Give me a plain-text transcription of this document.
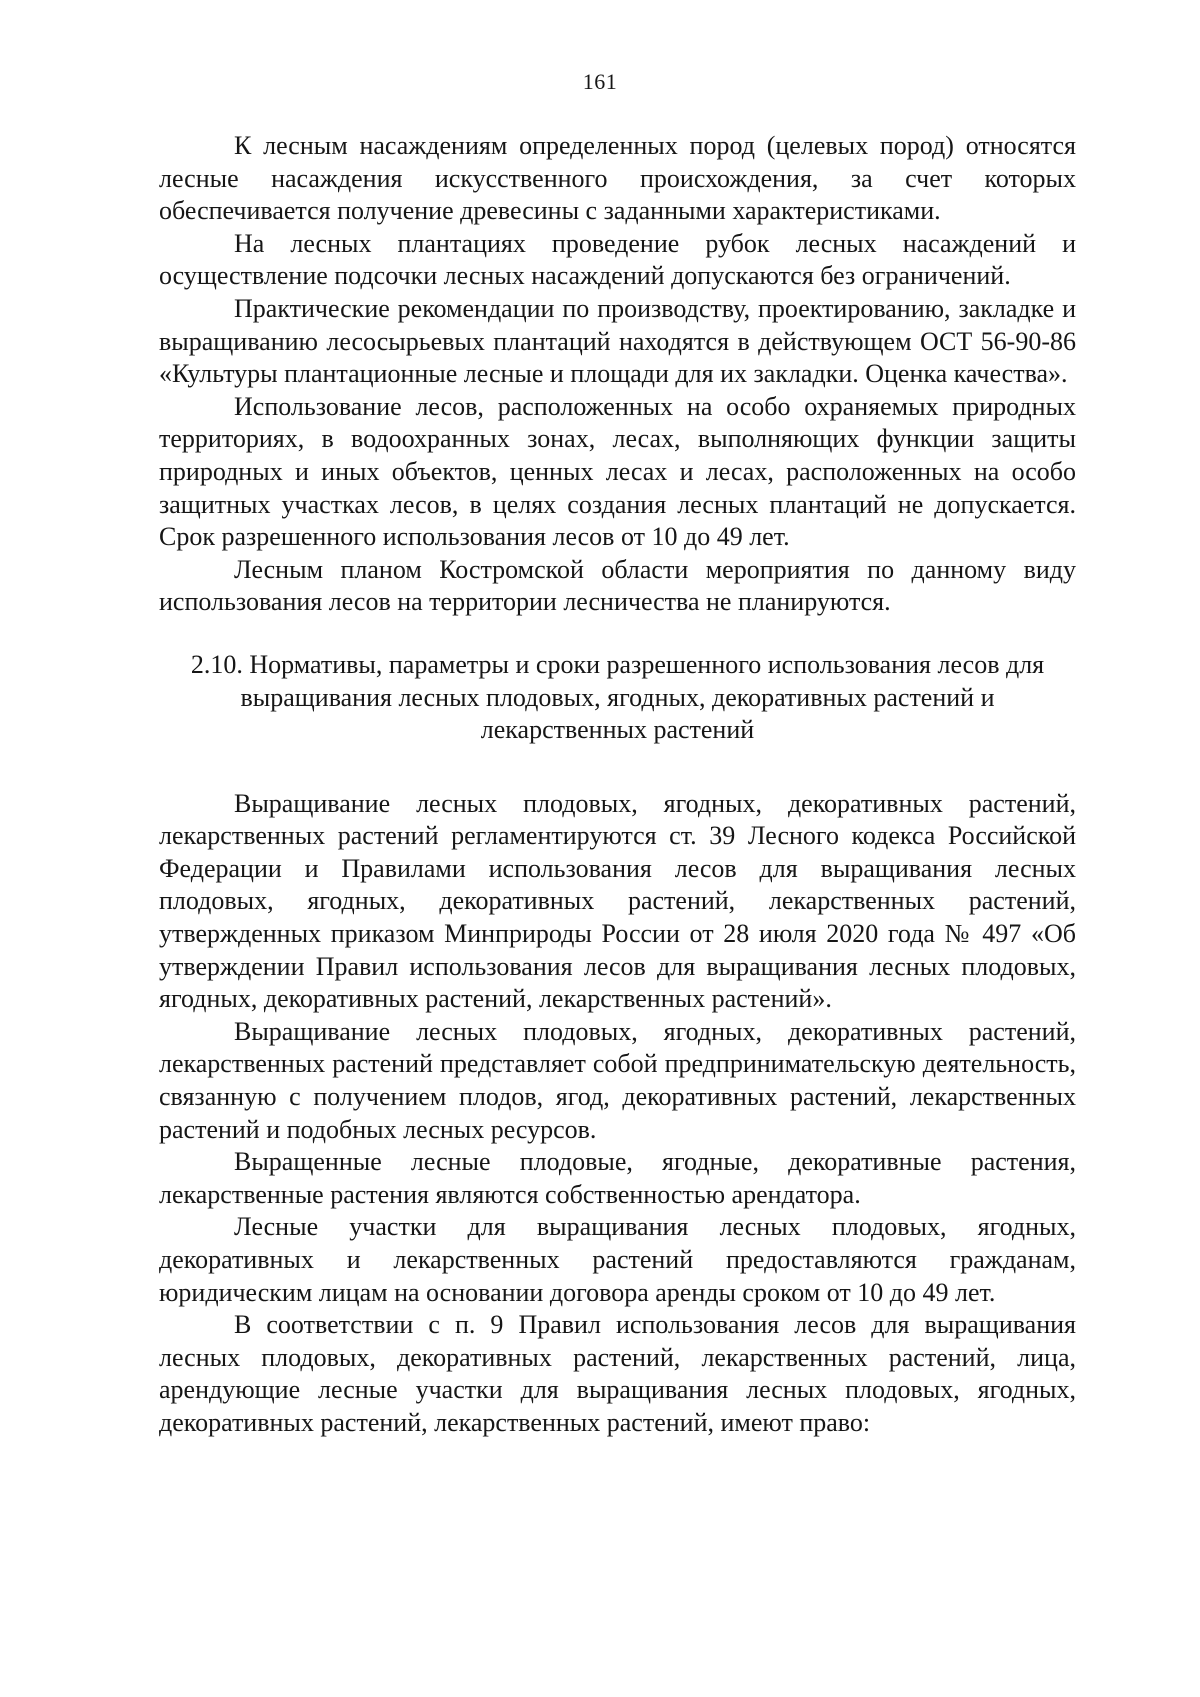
161

К лесным насаждениям определенных пород (целевых пород) относятся лесные насаждения искусственного происхождения, за счет которых обеспечивается получение древесины с заданными характеристиками.

На лесных плантациях проведение рубок лесных насаждений и осуществление подсочки лесных насаждений допускаются без ограничений.

Практические рекомендации по производству, проектированию, закладке и выращиванию лесосырьевых плантаций находятся в действующем ОСТ 56-90-86 «Культуры плантационные лесные и площади для их закладки. Оценка качества».

Использование лесов, расположенных на особо охраняемых природных территориях, в водоохранных зонах, лесах, выполняющих функции защиты природных и иных объектов, ценных лесах и лесах, расположенных на особо защитных участках лесов, в целях создания лесных плантаций не допускается. Срок разрешенного использования лесов от 10 до 49 лет.

Лесным планом Костромской области мероприятия по данному виду использования лесов на территории лесничества не планируются.

2.10. Нормативы, параметры и сроки разрешенного использования лесов для выращивания лесных плодовых, ягодных, декоративных растений и лекарственных растений

Выращивание лесных плодовых, ягодных, декоративных растений, лекарственных растений регламентируются ст. 39 Лесного кодекса Российской Федерации и Правилами использования лесов для выращивания лесных плодовых, ягодных, декоративных растений, лекарственных растений, утвержденных приказом Минприроды России от 28 июля 2020 года № 497 «Об утверждении Правил использования лесов для выращивания лесных плодовых, ягодных, декоративных растений, лекарственных растений».

Выращивание лесных плодовых, ягодных, декоративных растений, лекарственных растений представляет собой предпринимательскую деятельность, связанную с получением плодов, ягод, декоративных растений, лекарственных растений и подобных лесных ресурсов.

Выращенные лесные плодовые, ягодные, декоративные растения, лекарственные растения являются собственностью арендатора.

Лесные участки для выращивания лесных плодовых, ягодных, декоративных и лекарственных растений предоставляются гражданам, юридическим лицам на основании договора аренды сроком от 10 до 49 лет.

В соответствии с п. 9 Правил использования лесов для выращивания лесных плодовых, декоративных растений, лекарственных растений, лица, арендующие лесные участки для выращивания лесных плодовых, ягодных, декоративных растений, лекарственных растений, имеют право:
